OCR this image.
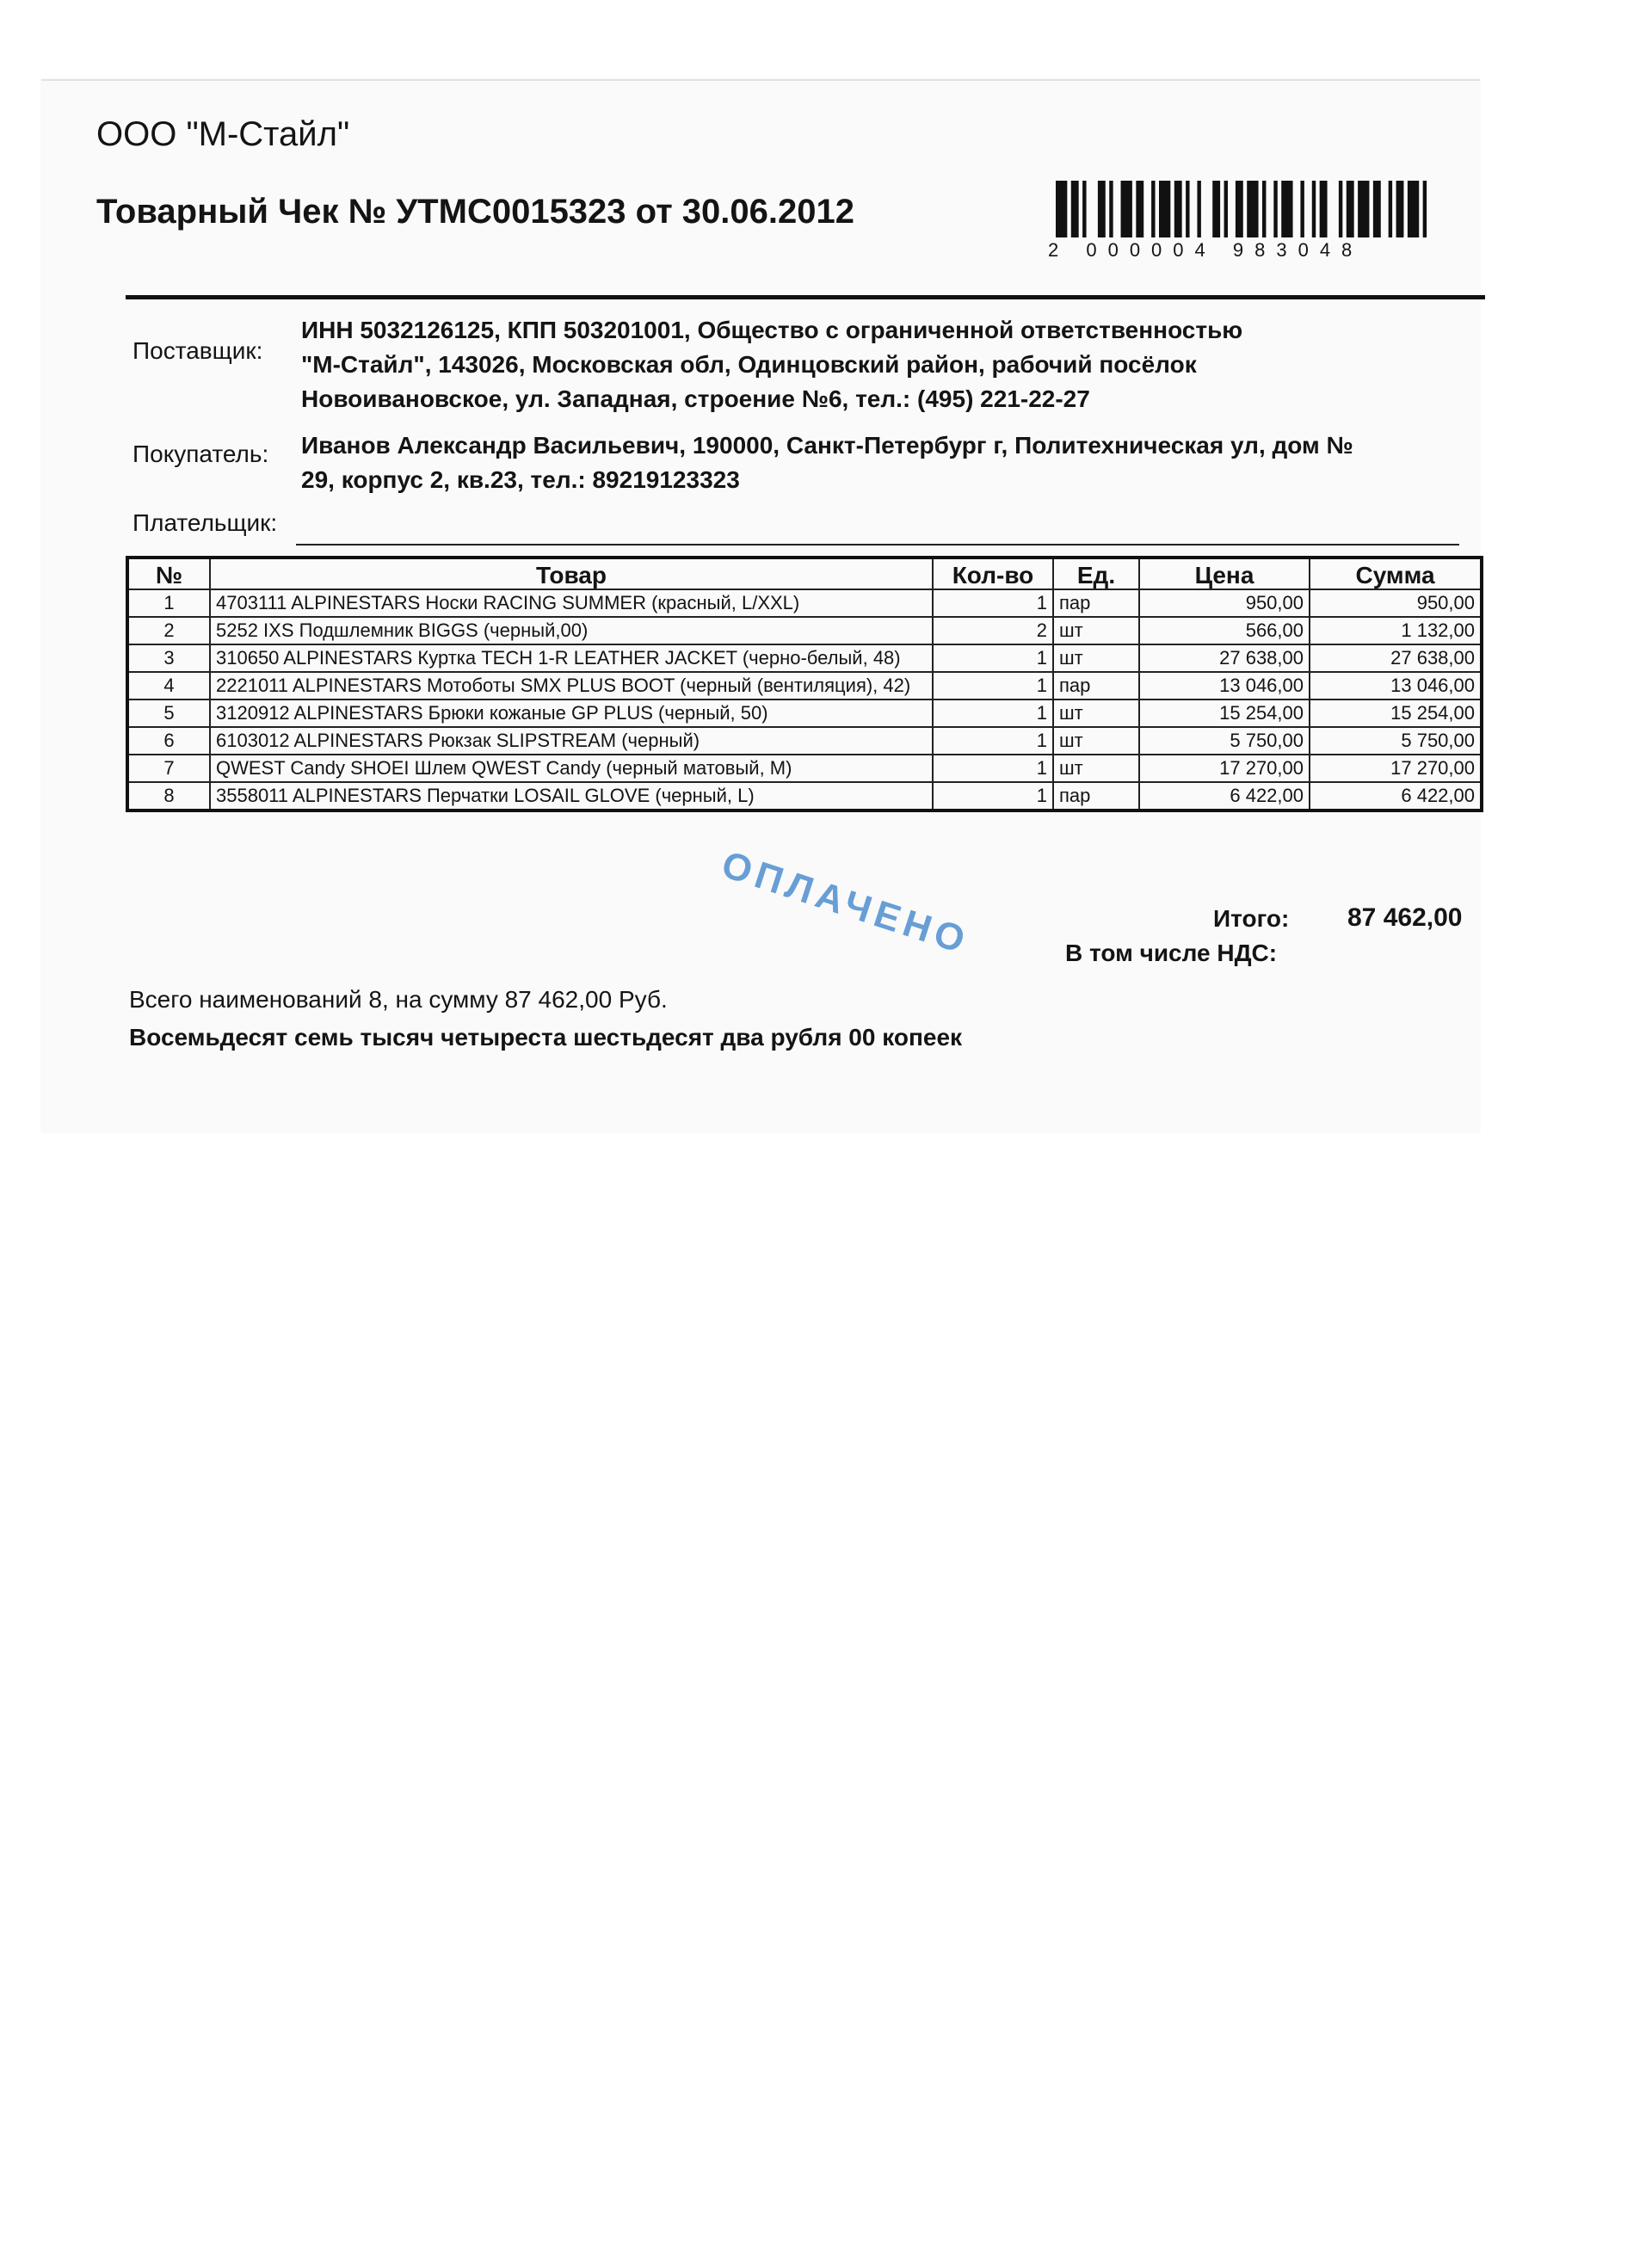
ООО "М-Стайл"
Товарный Чек № УТМС0015323 от 30.06.2012
2 000004 983048
Поставщик:
ИНН 5032126125, КПП 503201001, Общество с ограниченной ответственностью
"М-Стайл", 143026, Московская обл, Одинцовский район, рабочий посёлок
Новоивановское, ул. Западная, строение №6, тел.: (495) 221-22-27
Покупатель: Иванов Александр Васильевич, 190000, Санкт-Петербург г, Политехническая ул, дом №
29, корпус 2, кв.23, тел.: 89219123323
Плательщик:
№	Товар	Кол-во	Ед.	Цена	Сумма
1	4703111 ALPINESTARS Носки RACING SUMMER (красный, L/XXL)	1	пар	950,00	950,00
2	5252 IXS Подшлемник BIGGS (черный,00)	2	шт	566,00	1 132,00
3	310650 ALPINESTARS Куртка TECH 1-R LEATHER JACKET (черно-белый, 48)	1	шт	27 638,00	27 638,00
4	2221011 ALPINESTARS Мотоботы SMX PLUS BOOT (черный (вентиляция), 42)	1	пар	13 046,00	13 046,00
5	3120912 ALPINESTARS Брюки кожаные GP PLUS (черный, 50)	1	шт	15 254,00	15 254,00
6	6103012 ALPINESTARS Рюкзак SLIPSTREAM (черный)	1	шт	5 750,00	5 750,00
7	QWEST Candy SHOEI Шлем QWEST Candy (черный матовый, M)	1	шт	17 270,00	17 270,00
8	3558011 ALPINESTARS Перчатки LOSAIL GLOVE (черный, L)	1	пар	6 422,00	6 422,00
ОПЛАЧЕНО	Итого: 87 462,00
В том числе НДС:
Всего наименований 8, на сумму 87 462,00 Руб.
Восемьдесят семь тысяч четыреста шестьдесят два рубля 00 копеек
